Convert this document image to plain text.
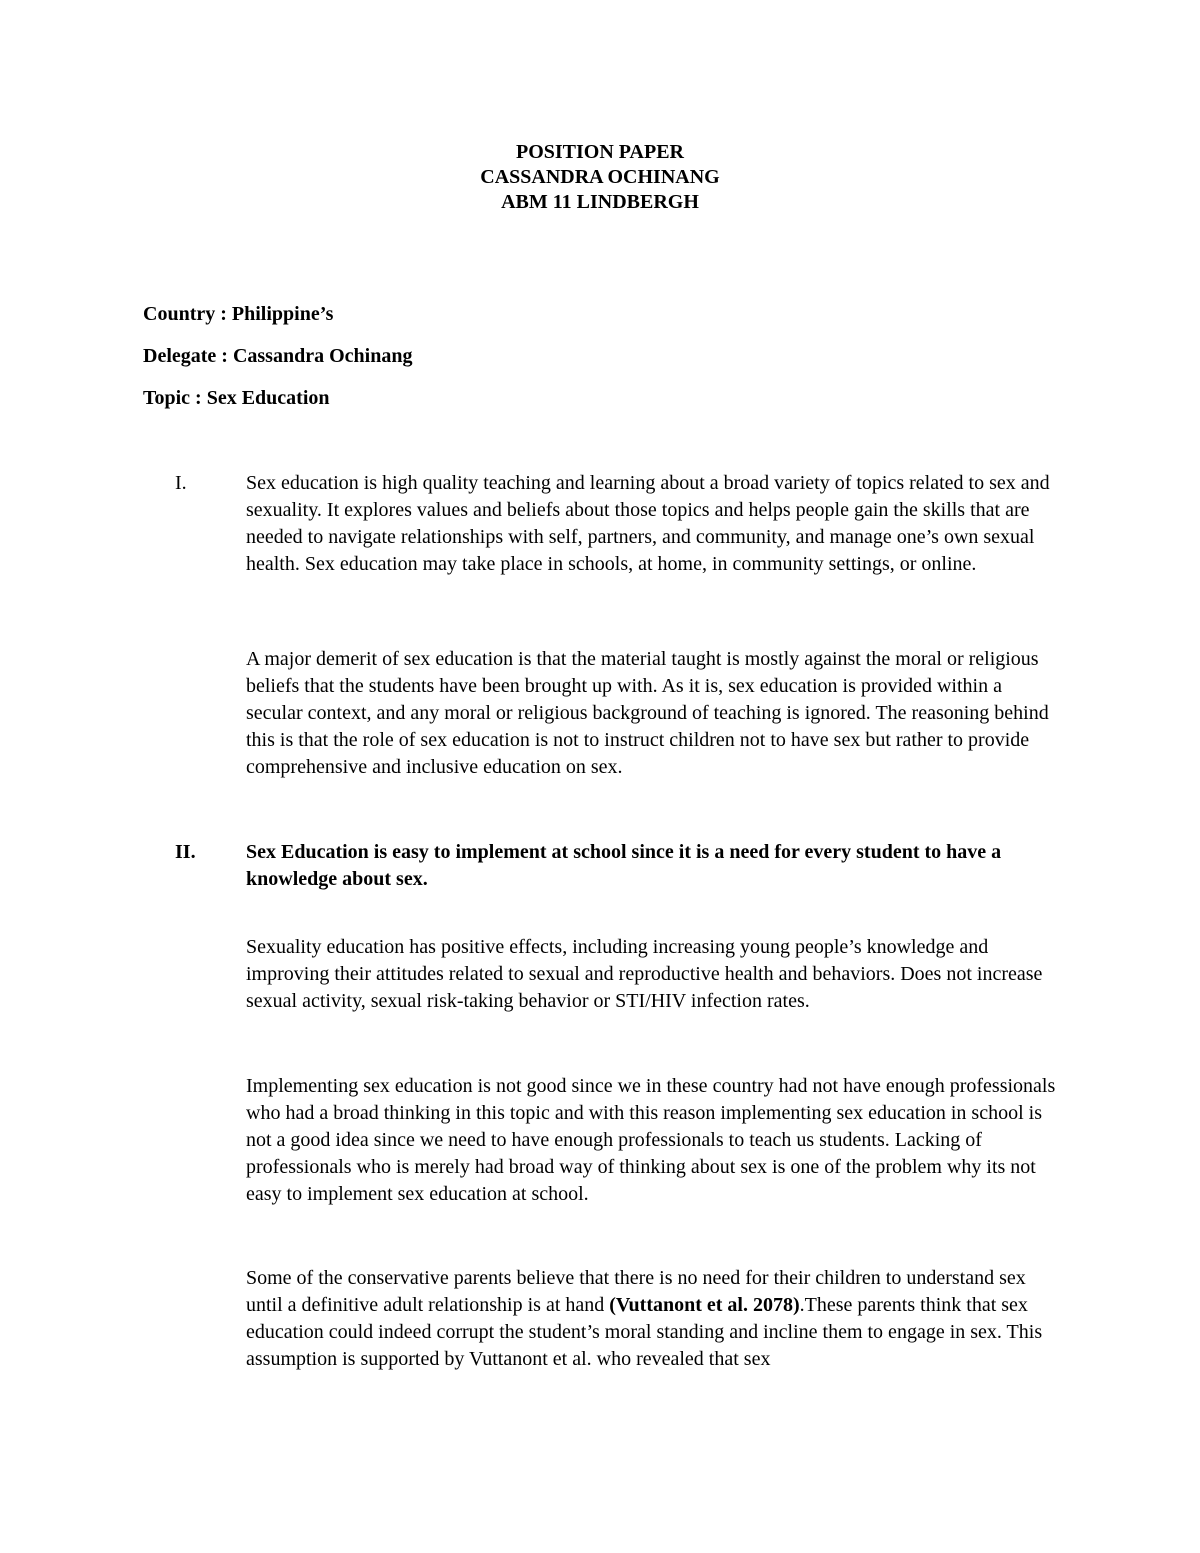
POSITION PAPER
CASSANDRA OCHINANG
ABM 11 LINDBERGH
Country : Philippine’s
Delegate : Cassandra Ochinang
Topic : Sex Education
I.	Sex education is high quality teaching and learning about a broad variety of topics related to sex and sexuality. It explores values and beliefs about those topics and helps people gain the skills that are needed to navigate relationships with self, partners, and community, and manage one’s own sexual health. Sex education may take place in schools, at home, in community settings, or online.
A major demerit of sex education is that the material taught is mostly against the moral or religious beliefs that the students have been brought up with. As it is, sex education is provided within a secular context, and any moral or religious background of teaching is ignored. The reasoning behind this is that the role of sex education is not to instruct children not to have sex but rather to provide comprehensive and inclusive education on sex.
II.	Sex Education is easy to implement at school since it is a need for every student to have a knowledge about sex.
Sexuality education has positive effects, including increasing young people’s knowledge and improving their attitudes related to sexual and reproductive health and behaviors. Does not increase sexual activity, sexual risk-taking behavior or STI/HIV infection rates.
Implementing sex education is not good since we in these country had not have enough professionals who had a broad thinking in this topic and with this reason implementing sex education in school is not a good idea since we need to have enough professionals to teach us students. Lacking of professionals who is merely had broad way of thinking about sex is one of the problem why its not easy to implement sex education at school.
Some of the conservative parents believe that there is no need for their children to understand sex until a definitive adult relationship is at hand (Vuttanont et al. 2078).These parents think that sex education could indeed corrupt the student’s moral standing and incline them to engage in sex. This assumption is supported by Vuttanont et al. who revealed that sex
